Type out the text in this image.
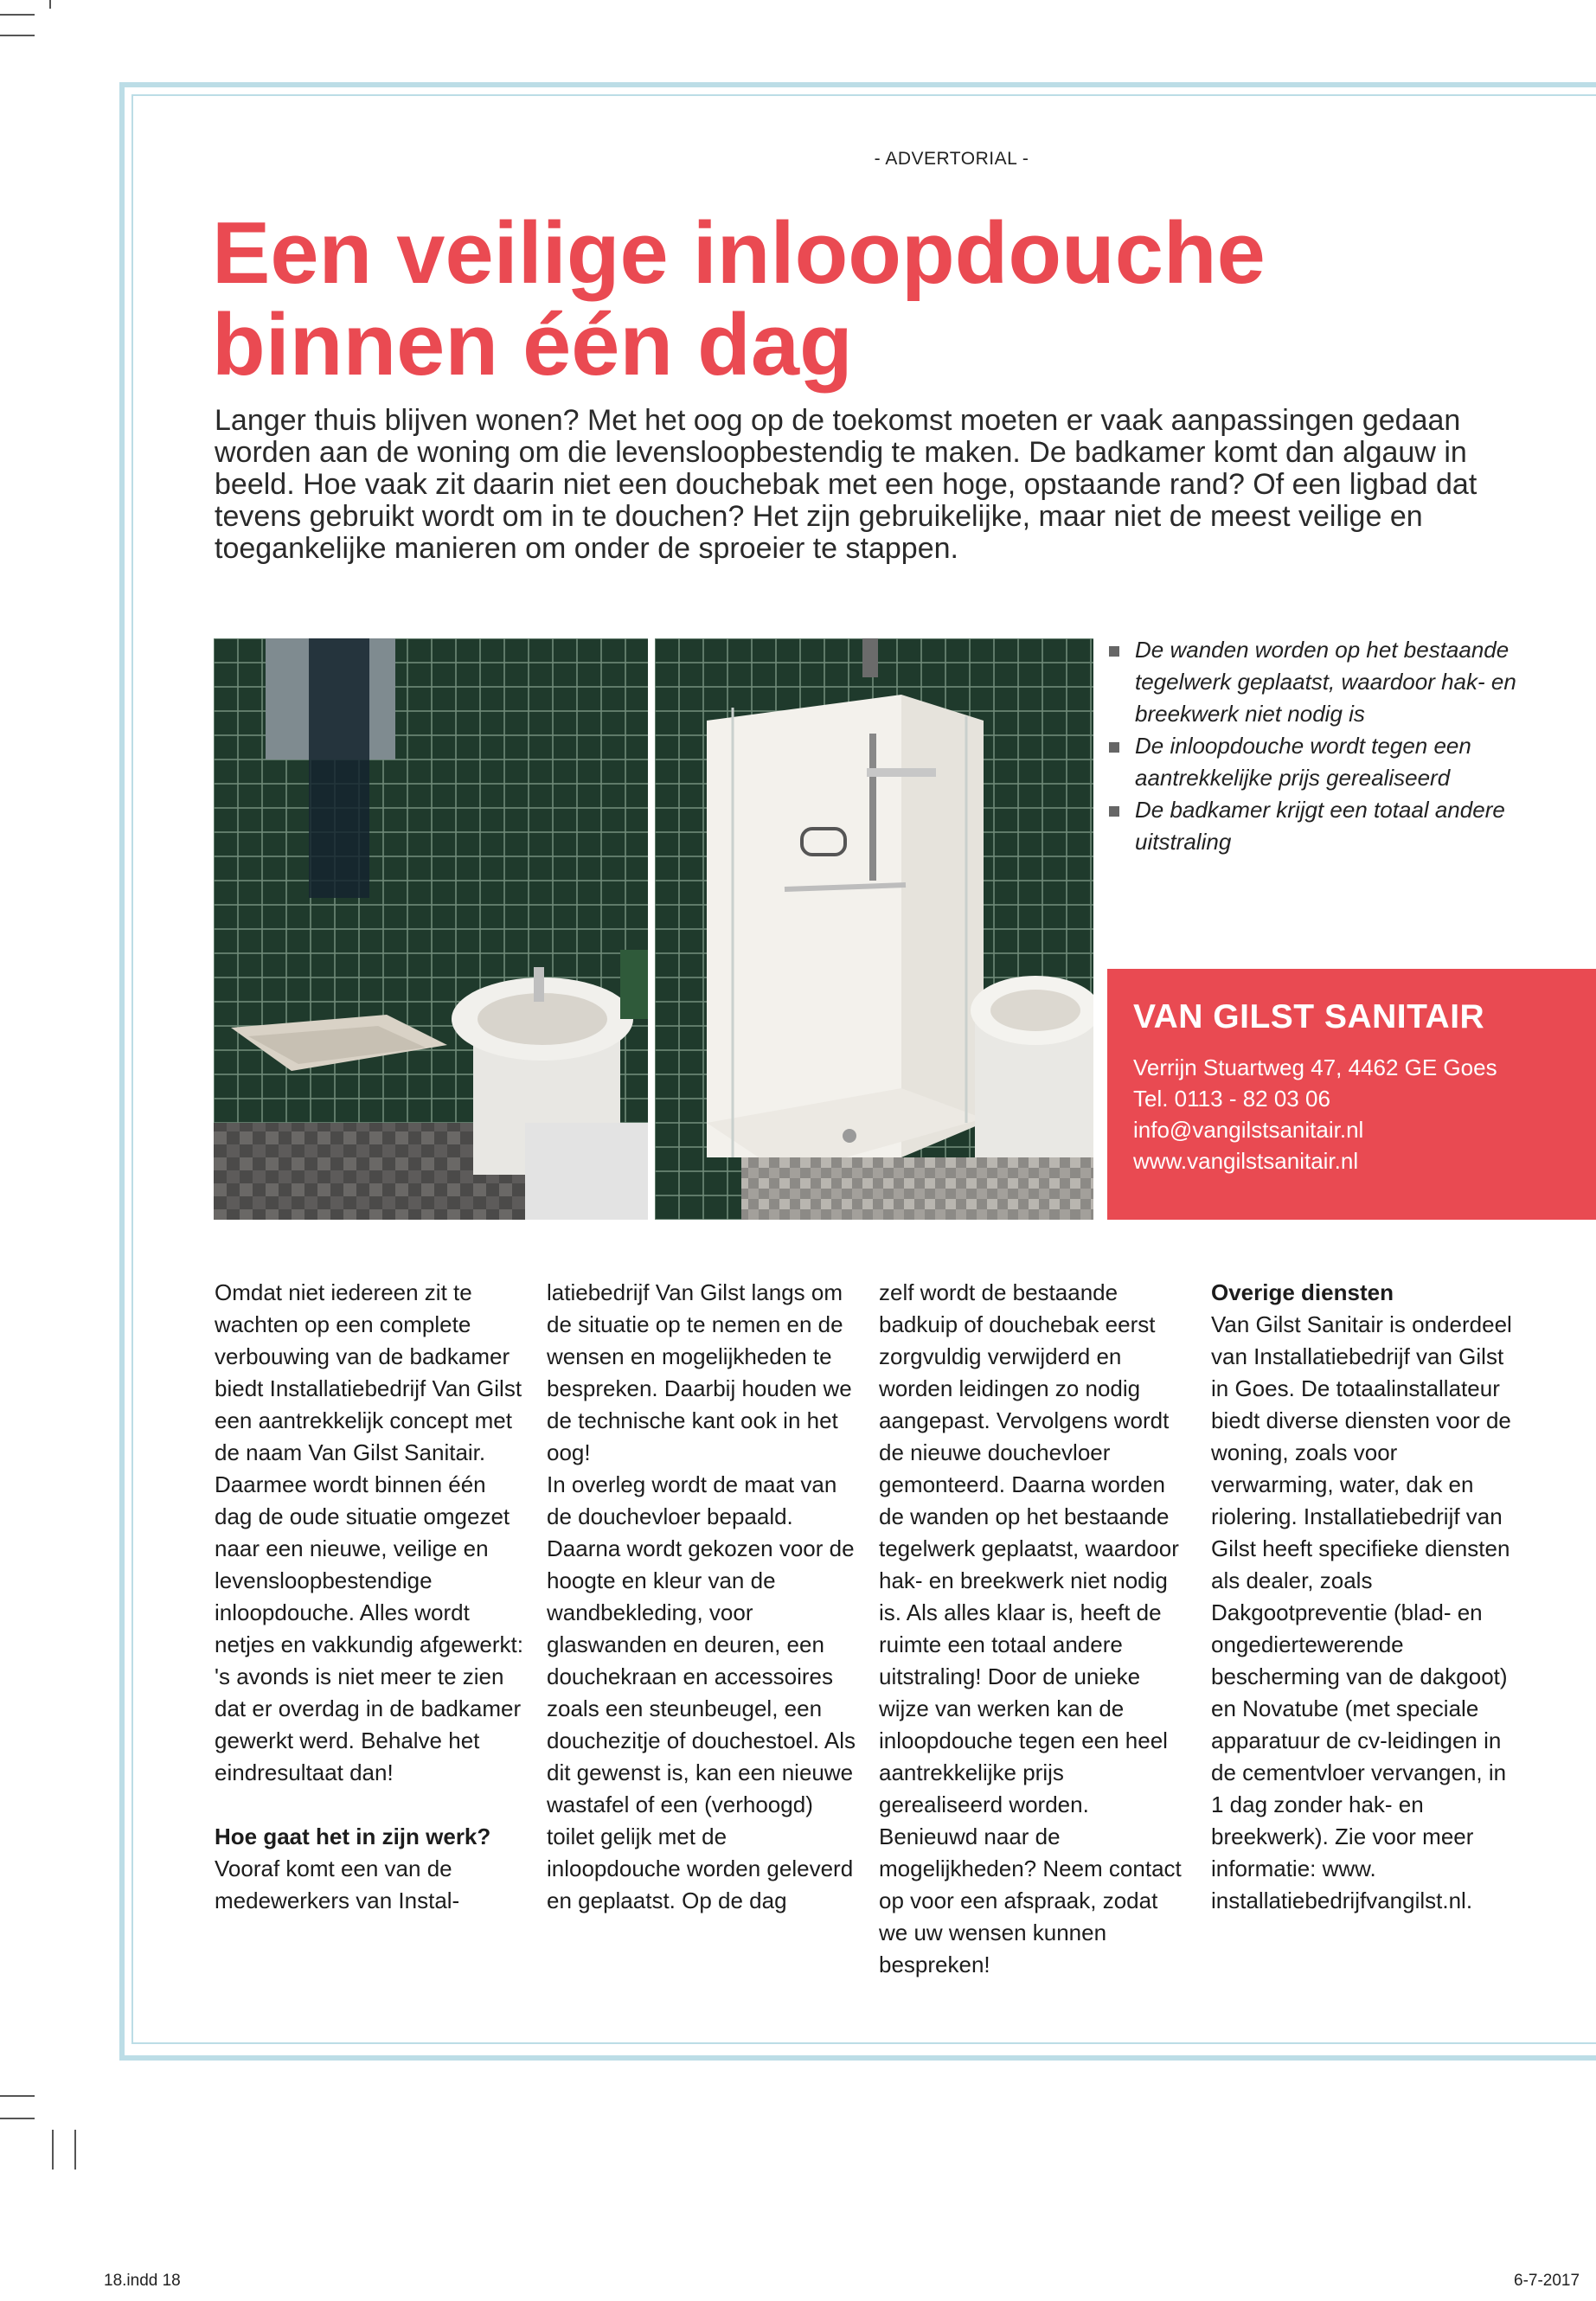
- ADVERTORIAL -
Een veilige inloopdouche
binnen één dag

Langer thuis blijven wonen? Met het oog op de toekomst moeten er vaak aanpassingen gedaan worden aan de woning om die levensloopbestendig te maken. De badkamer komt dan algauw in beeld. Hoe vaak zit daarin niet een douchebak met een hoge, opstaande rand? Of een ligbad dat tevens gebruikt wordt om in te douchen? Het zijn gebruikelijke, maar niet de meest veilige en toegankelijke manieren om onder de sproeier te stappen.

De wanden worden op het bestaande tegelwerk geplaatst, waardoor hak- en breekwerk niet nodig is
De inloopdouche wordt tegen een aantrekkelijke prijs gerealiseerd
De badkamer krijgt een totaal andere uitstraling
VAN GILST SANITAIR

Verrijn Stuartweg 47, 4462 GE Goes

Tel. 0113 - 82 03 06

info@vangilstsanitair.nl

www.vangilstsanitair.nl

Omdat niet iedereen zit te wachten op een complete verbouwing van de badkamer biedt Installatiebedrijf Van Gilst een aantrekkelijk concept met de naam Van Gilst Sanitair. Daarmee wordt binnen één dag de oude situatie omgezet naar een nieuwe, veilige en levensloopbestendige inloopdouche. Alles wordt netjes en vakkundig afgewerkt: 's avonds is niet meer te zien dat er overdag in de badkamer gewerkt werd. Behalve het eindresultaat dan!

Hoe gaat het in zijn werk?

Vooraf komt een van de medewerkers van Instal-

latiebedrijf Van Gilst langs om de situatie op te nemen en de wensen en mogelijkheden te bespreken. Daarbij houden we de technische kant ook in het oog!

In overleg wordt de maat van de douchevloer bepaald. Daarna wordt gekozen voor de hoogte en kleur van de wandbekleding, voor glaswanden en deuren, een douchekraan en accessoires zoals een steunbeugel, een douchezitje of douchestoel. Als dit gewenst is, kan een nieuwe wastafel of een (verhoogd) toilet gelijk met de inloopdouche worden geleverd en geplaatst. Op de dag

zelf wordt de bestaande badkuip of douchebak eerst zorgvuldig verwijderd en worden leidingen zo nodig aangepast. Vervolgens wordt de nieuwe douchevloer gemonteerd. Daarna worden de wanden op het bestaande tegelwerk geplaatst, waardoor hak- en breekwerk niet nodig is. Als alles klaar is, heeft de ruimte een totaal andere uitstraling! Door de unieke wijze van werken kan de inloopdouche tegen een heel aantrekkelijke prijs gerealiseerd worden. Benieuwd naar de mogelijkheden? Neem contact op voor een afspraak, zodat we uw wensen kunnen bespreken!

Overige diensten

Van Gilst Sanitair is onderdeel van Installatiebedrijf van Gilst in Goes. De totaalinstallateur biedt diverse diensten voor de woning, zoals voor verwarming, water, dak en riolering. Installatiebedrijf van Gilst heeft specifieke diensten als dealer, zoals Dakgootpreventie (blad- en ongediertewerende bescherming van de dakgoot) en Novatube (met speciale apparatuur de cv-leidingen in de cementvloer vervangen, in 1 dag zonder hak- en breekwerk). Zie voor meer informatie: www. installatiebedrijfvangilst.nl.

18.indd 18	6-7-2017
